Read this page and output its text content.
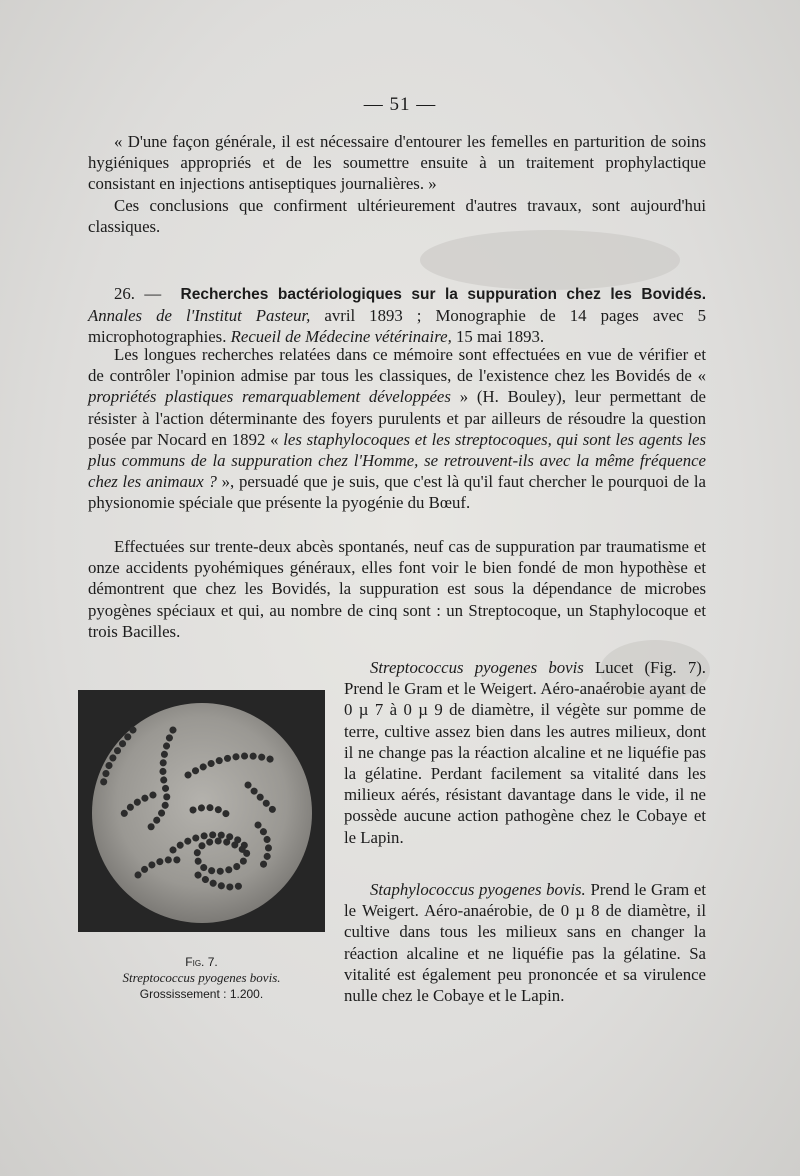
— 51 —

« D'une façon générale, il est nécessaire d'entourer les femelles en parturition de soins hygiéniques appropriés et de les soumettre ensuite à un traitement prophylactique consistant en injections antiseptiques journalières. »

Ces conclusions que confirment ultérieurement d'autres travaux, sont aujourd'hui classiques.

26. — Recherches bactériologiques sur la suppuration chez les Bovidés. Annales de l'Institut Pasteur, avril 1893 ; Monographie de 14 pages avec 5 microphotographies. Recueil de Médecine vétérinaire, 15 mai 1893.

Les longues recherches relatées dans ce mémoire sont effectuées en vue de vérifier et de contrôler l'opinion admise par tous les classiques, de l'existence chez les Bovidés de « propriétés plastiques remarquablement développées » (H. Bouley), leur permettant de résister à l'action déterminante des foyers purulents et par ailleurs de résoudre la question posée par Nocard en 1892 « les staphylocoques et les streptocoques, qui sont les agents les plus communs de la suppuration chez l'Homme, se retrouvent-ils avec la même fréquence chez les animaux ? », persuadé que je suis, que c'est là qu'il faut chercher le pourquoi de la physionomie spéciale que présente la pyogénie du Bœuf.

Effectuées sur trente-deux abcès spontanés, neuf cas de suppuration par traumatisme et onze accidents pyohémiques généraux, elles font voir le bien fondé de mon hypothèse et démontrent que chez les Bovidés, la suppuration est sous la dépendance de microbes pyogènes spéciaux et qui, au nombre de cinq sont : un Streptocoque, un Staphylocoque et trois Bacilles.

Fig. 7.
Streptococcus pyogenes bovis.
Grossissement : 1.200.

Streptococcus pyogenes bovis Lucet (Fig. 7). Prend le Gram et le Weigert. Aéro-anaérobie ayant de 0 µ 7 à 0 µ 9 de diamètre, il végète sur pomme de terre, cultive assez bien dans les autres milieux, dont il ne change pas la réaction alcaline et ne liquéfie pas la gélatine. Perdant facilement sa vitalité dans les milieux aérés, résistant davantage dans le vide, il ne possède aucune action pathogène chez le Cobaye et le Lapin.

Staphylococcus pyogenes bovis. Prend le Gram et le Weigert. Aéro-anaérobie, de 0 µ 8 de diamètre, il cultive dans tous les milieux sans en changer la réaction alcaline et ne liquéfie pas la gélatine. Sa vitalité est également peu prononcée et sa virulence nulle chez le Cobaye et le Lapin.
